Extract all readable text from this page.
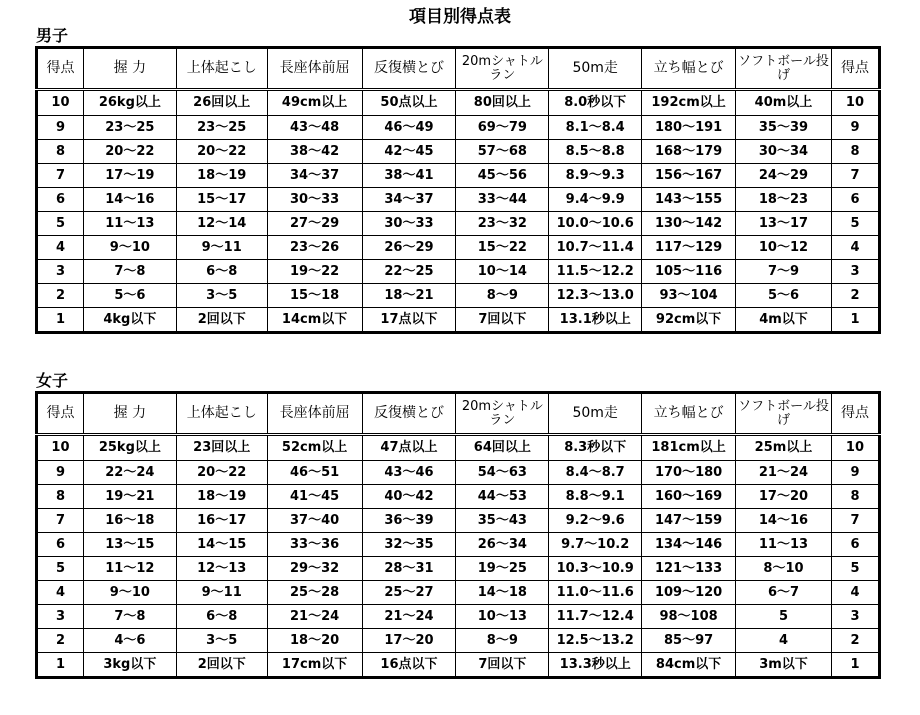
項目別得点表
男子
得点	握 力	上体起こし	長座体前屈	反復横とび	20mシャトルラン	50m走	立ち幅とび	ソフトボール投げ	得点
10	26kg以上	26回以上	49cm以上	50点以上	80回以上	8.0秒以下	192cm以上	40m以上	10
9	23～25	23～25	43～48	46～49	69～79	8.1～8.4	180～191	35～39	9
8	20～22	20～22	38～42	42～45	57～68	8.5～8.8	168～179	30～34	8
7	17～19	18～19	34～37	38～41	45～56	8.9～9.3	156～167	24～29	7
6	14～16	15～17	30～33	34～37	33～44	9.4～9.9	143～155	18～23	6
5	11～13	12～14	27～29	30～33	23～32	10.0～10.6	130～142	13～17	5
4	9～10	9～11	23～26	26～29	15～22	10.7～11.4	117～129	10～12	4
3	7～8	6～8	19～22	22～25	10～14	11.5～12.2	105～116	7～9	3
2	5～6	3～5	15～18	18～21	8～9	12.3～13.0	93～104	5～6	2
1	4kg以下	2回以下	14cm以下	17点以下	7回以下	13.1秒以上	92cm以下	4m以下	1
女子
得点	握 力	上体起こし	長座体前屈	反復横とび	20mシャトルラン	50m走	立ち幅とび	ソフトボール投げ	得点
10	25kg以上	23回以上	52cm以上	47点以上	64回以上	8.3秒以下	181cm以上	25m以上	10
9	22～24	20～22	46～51	43～46	54～63	8.4～8.7	170～180	21～24	9
8	19～21	18～19	41～45	40～42	44～53	8.8～9.1	160～169	17～20	8
7	16～18	16～17	37～40	36～39	35～43	9.2～9.6	147～159	14～16	7
6	13～15	14～15	33～36	32～35	26～34	9.7～10.2	134～146	11～13	6
5	11～12	12～13	29～32	28～31	19～25	10.3～10.9	121～133	8～10	5
4	9～10	9～11	25～28	25～27	14～18	11.0～11.6	109～120	6～7	4
3	7～8	6～8	21～24	21～24	10～13	11.7～12.4	98～108	5	3
2	4～6	3～5	18～20	17～20	8～9	12.5～13.2	85～97	4	2
1	3kg以下	2回以下	17cm以下	16点以下	7回以下	13.3秒以上	84cm以下	3m以下	1
